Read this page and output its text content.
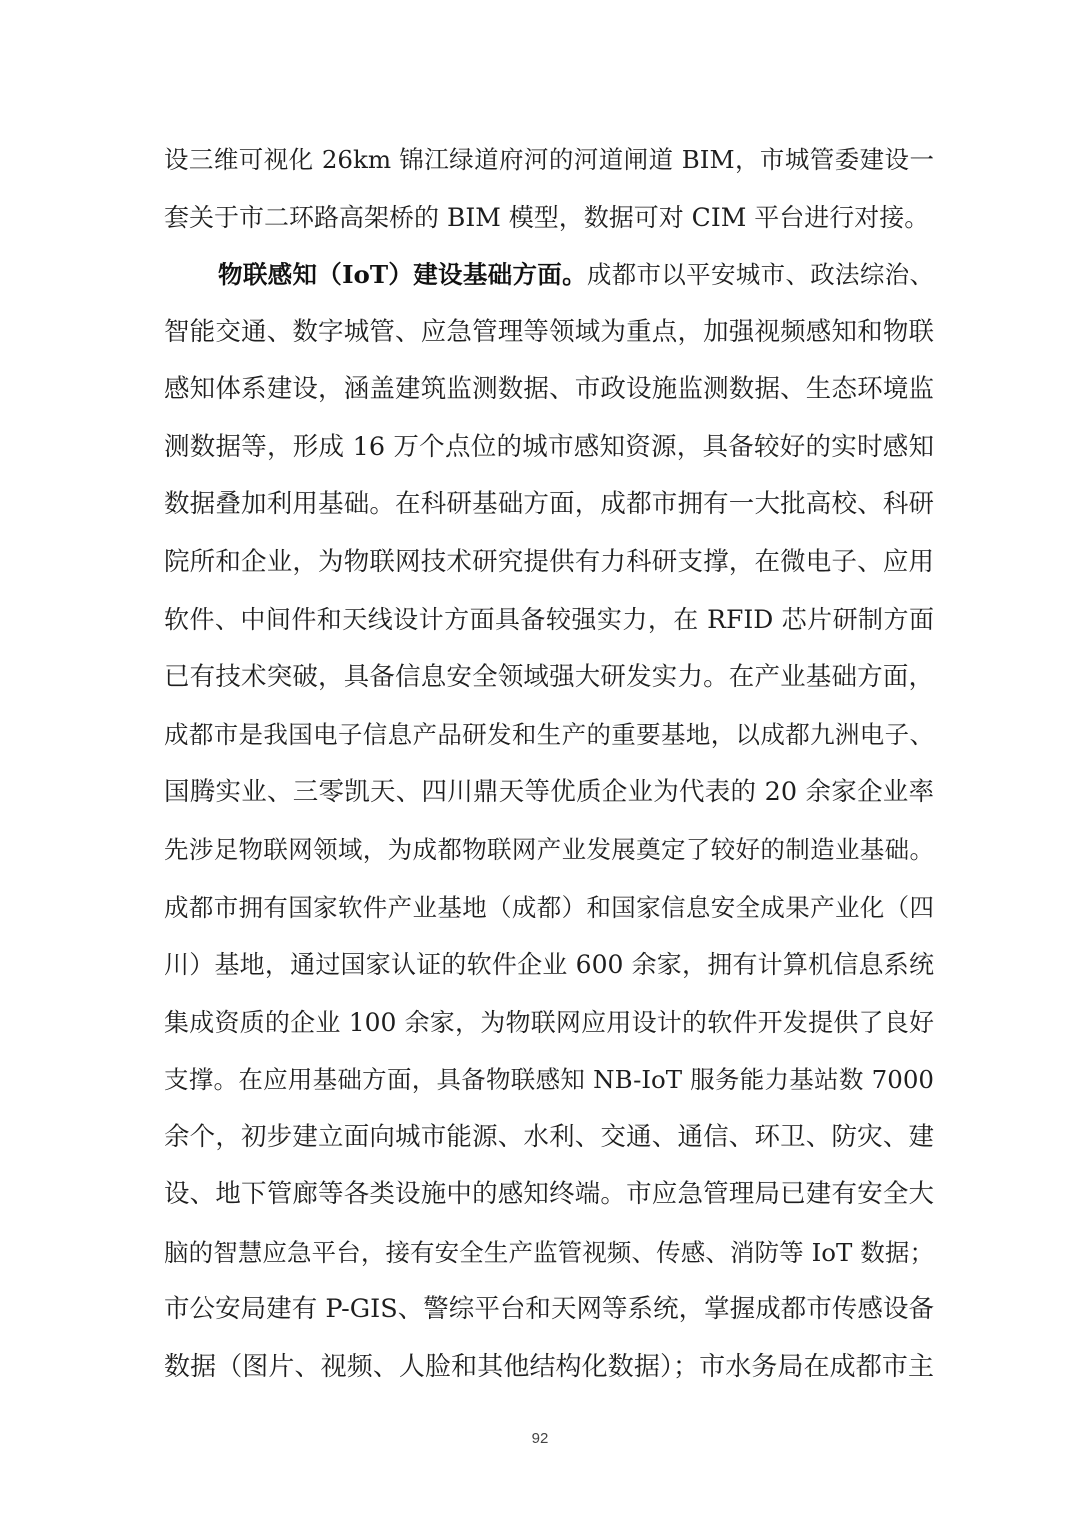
设三维可视化 26km 锦江绿道府河的河道闸道 BIM，市城管委建设一
套关于市二环路高架桥的 BIM 模型，数据可对 CIM 平台进行对接。
物联感知（IoT）建设基础方面。成都市以平安城市、政法综治、
智能交通、数字城管、应急管理等领域为重点，加强视频感知和物联
感知体系建设，涵盖建筑监测数据、市政设施监测数据、生态环境监
测数据等，形成 16 万个点位的城市感知资源，具备较好的实时感知
数据叠加利用基础。在科研基础方面，成都市拥有一大批高校、科研
院所和企业，为物联网技术研究提供有力科研支撑，在微电子、应用
软件、中间件和天线设计方面具备较强实力，在 RFID 芯片研制方面
已有技术突破，具备信息安全领域强大研发实力。在产业基础方面，
成都市是我国电子信息产品研发和生产的重要基地，以成都九洲电子、
国腾实业、三零凯天、四川鼎天等优质企业为代表的 20 余家企业率
先涉足物联网领域，为成都物联网产业发展奠定了较好的制造业基础。
成都市拥有国家软件产业基地（成都）和国家信息安全成果产业化（四
川）基地，通过国家认证的软件企业 600 余家，拥有计算机信息系统
集成资质的企业 100 余家，为物联网应用设计的软件开发提供了良好
支撑。在应用基础方面，具备物联感知 NB-IoT 服务能力基站数 7000
余个，初步建立面向城市能源、水利、交通、通信、环卫、防灾、建
设、地下管廊等各类设施中的感知终端。市应急管理局已建有安全大
脑的智慧应急平台，接有安全生产监管视频、传感、消防等 IoT 数据；
市公安局建有 P-GIS、警综平台和天网等系统，掌握成都市传感设备
数据（图片、视频、人脸和其他结构化数据）；市水务局在成都市主
92
